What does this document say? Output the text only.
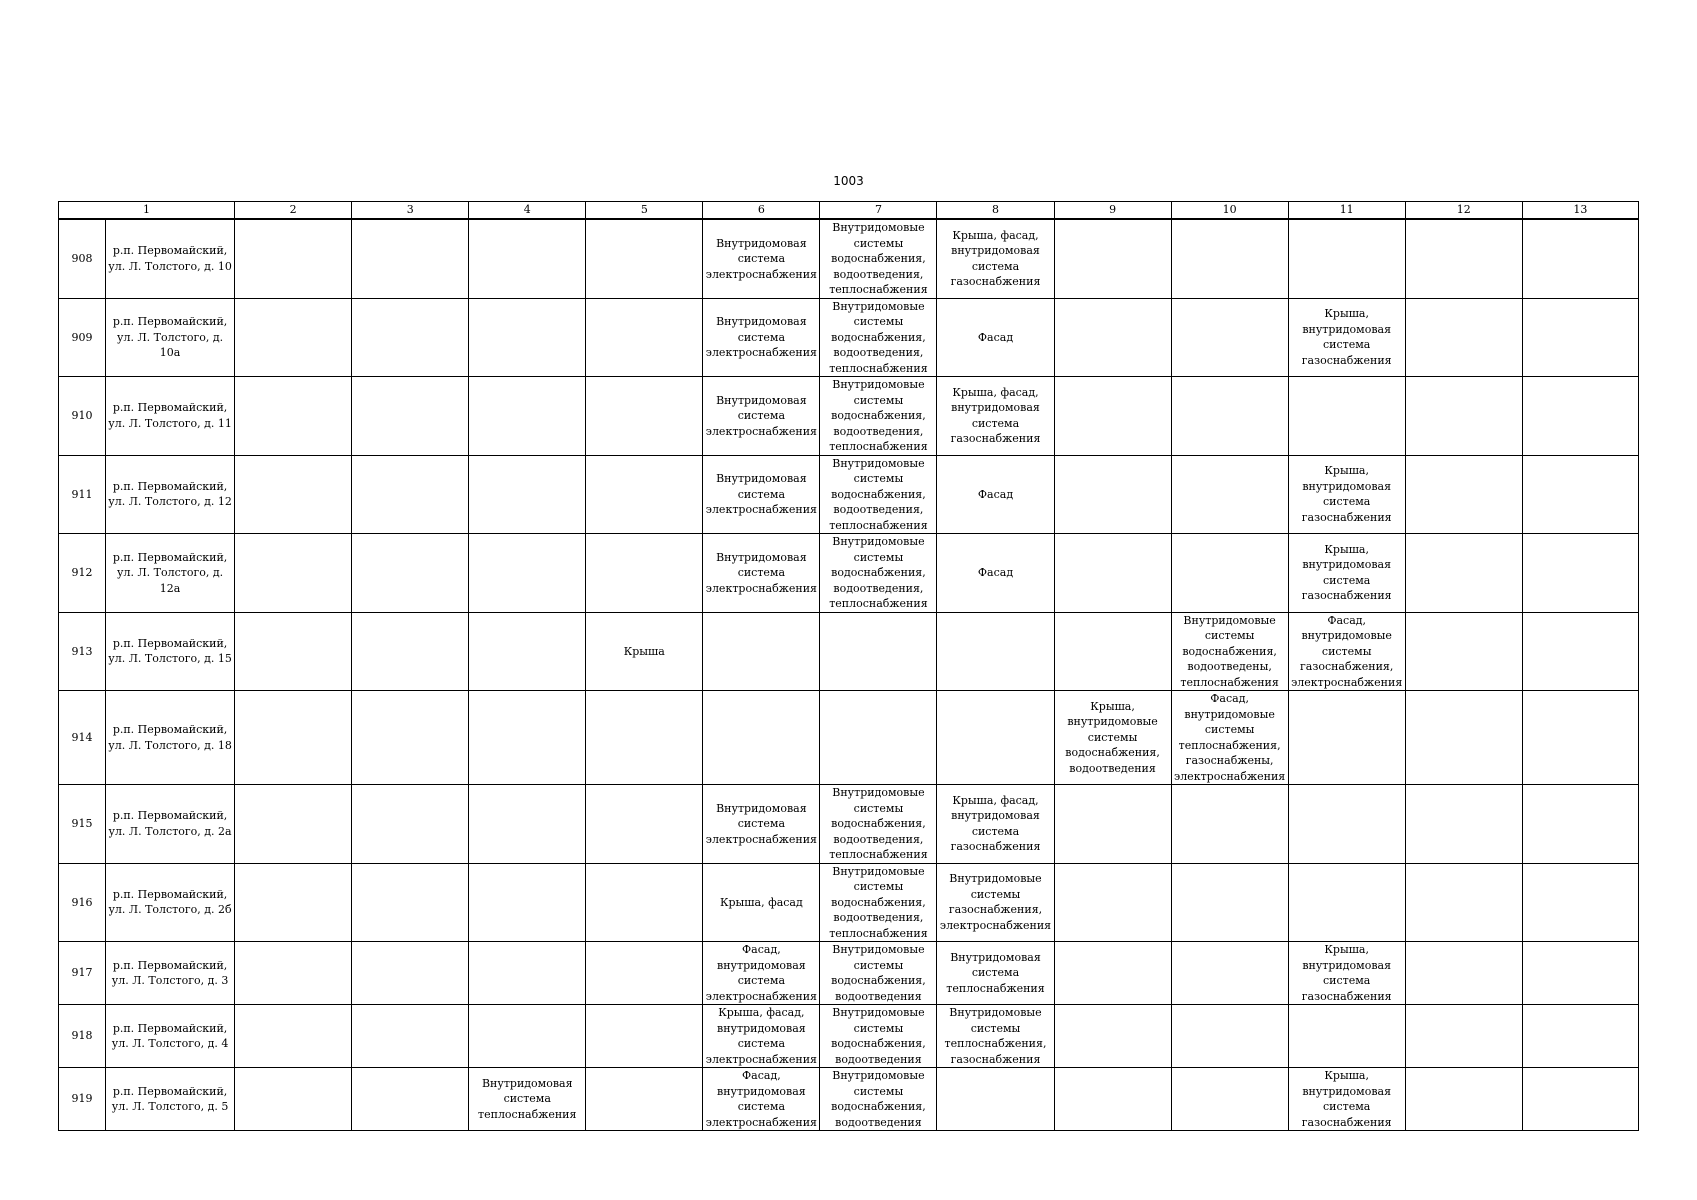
1003
1		2	3	4	5	6	7	8	9	10	11	12	13
908	р.п. Первомайский, ул. Л. Толстого, д. 10					Внутридомовая система электроснабжения	Внутридомовые системы водоснабжения, водоотведения, теплоснабжения	Крыша, фасад, внутридомовая система газоснабжения					
909	р.п. Первомайский, ул. Л. Толстого, д. 10а					Внутридомовая система электроснабжения	Внутридомовые системы водоснабжения, водоотведения, теплоснабжения	Фасад			Крыша, внутридомовая система газоснабжения		
910	р.п. Первомайский, ул. Л. Толстого, д. 11					Внутридомовая система электроснабжения	Внутридомовые системы водоснабжения, водоотведения, теплоснабжения	Крыша, фасад, внутридомовая система газоснабжения					
911	р.п. Первомайский, ул. Л. Толстого, д. 12					Внутридомовая система электроснабжения	Внутридомовые системы водоснабжения, водоотведения, теплоснабжения	Фасад			Крыша, внутридомовая система газоснабжения		
912	р.п. Первомайский, ул. Л. Толстого, д. 12а					Внутридомовая система электроснабжения	Внутридомовые системы водоснабжения, водоотведения, теплоснабжения	Фасад			Крыша, внутридомовая система газоснабжения		
913	р.п. Первомайский, ул. Л. Толстого, д. 15				Крыша					Внутридомовые системы водоснабжения, водоотведены, теплоснабжения	Фасад, внутридомовые системы газоснабжения, электроснабжения		
914	р.п. Первомайский, ул. Л. Толстого, д. 18								Крыша, внутридомовые системы водоснабжения, водоотведения	Фасад, внутридомовые системы теплоснабжения, газоснабжены, электроснабжения			
915	р.п. Первомайский, ул. Л. Толстого, д. 2а					Внутридомовая система электроснабжения	Внутридомовые системы водоснабжения, водоотведения, теплоснабжения	Крыша, фасад, внутридомовая система газоснабжения					
916	р.п. Первомайский, ул. Л. Толстого, д. 2б					Крыша, фасад	Внутридомовые системы водоснабжения, водоотведения, теплоснабжения	Внутридомовые системы газоснабжения, электроснабжения					
917	р.п. Первомайский, ул. Л. Толстого, д. 3					Фасад, внутридомовая система электроснабжения	Внутридомовые системы водоснабжения, водоотведения	Внутридомовая система теплоснабжения			Крыша, внутридомовая система газоснабжения		
918	р.п. Первомайский, ул. Л. Толстого, д. 4					Крыша, фасад, внутридомовая система электроснабжения	Внутридомовые системы водоснабжения, водоотведения	Внутридомовые системы теплоснабжения, газоснабжения					
919	р.п. Первомайский, ул. Л. Толстого, д. 5			Внутридомовая система теплоснабжения		Фасад, внутридомовая система электроснабжения	Внутридомовые системы водоснабжения, водоотведения				Крыша, внутридомовая система газоснабжения		
